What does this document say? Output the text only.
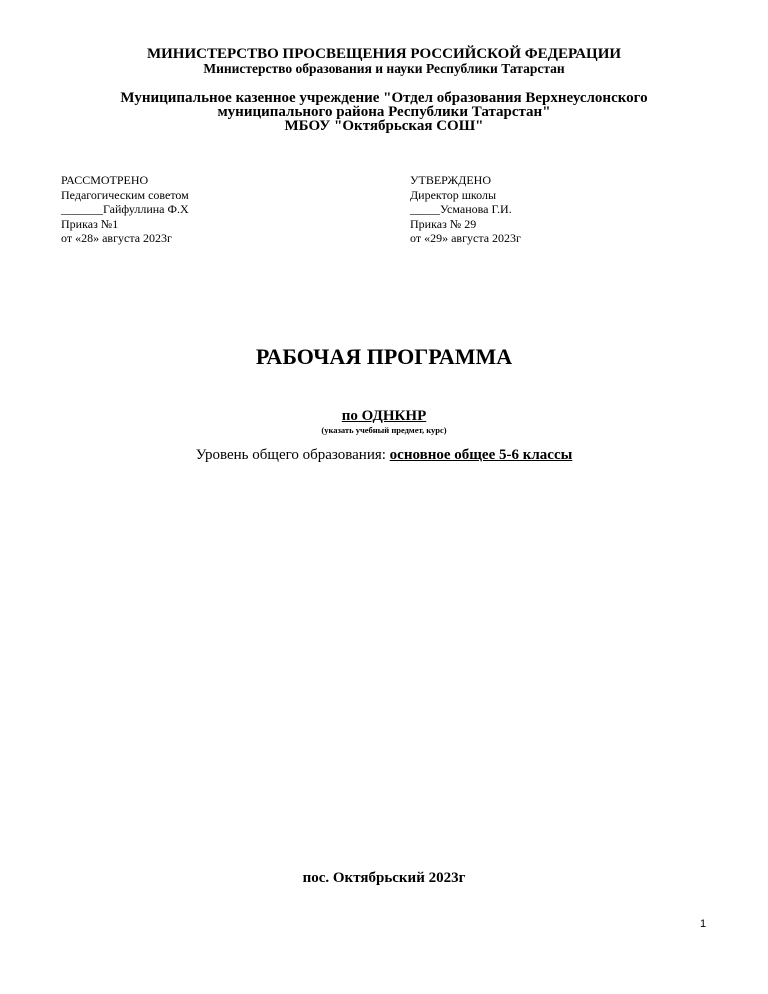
МИНИСТЕРСТВО ПРОСВЕЩЕНИЯ РОССИЙСКОЙ ФЕДЕРАЦИИ
Министерство образования и науки Республики Татарстан
Муниципальное казенное учреждение "Отдел образования Верхнеуслонского
муниципального района Республики Татарстан"
МБОУ "Октябрьская СОШ"
РАССМОТРЕНО
Педагогическим советом
_______Гайфуллина Ф.Х
Приказ №1
от «28» августа 2023г
УТВЕРЖДЕНО
Директор школы
_____Усманова Г.И.
Приказ № 29
от «29» августа 2023г
РАБОЧАЯ ПРОГРАММА
по ОДНКНР
(указать учебный предмет, курс)
Уровень общего образования: основное общее 5-6 классы
пос. Октябрьский 2023г
1
